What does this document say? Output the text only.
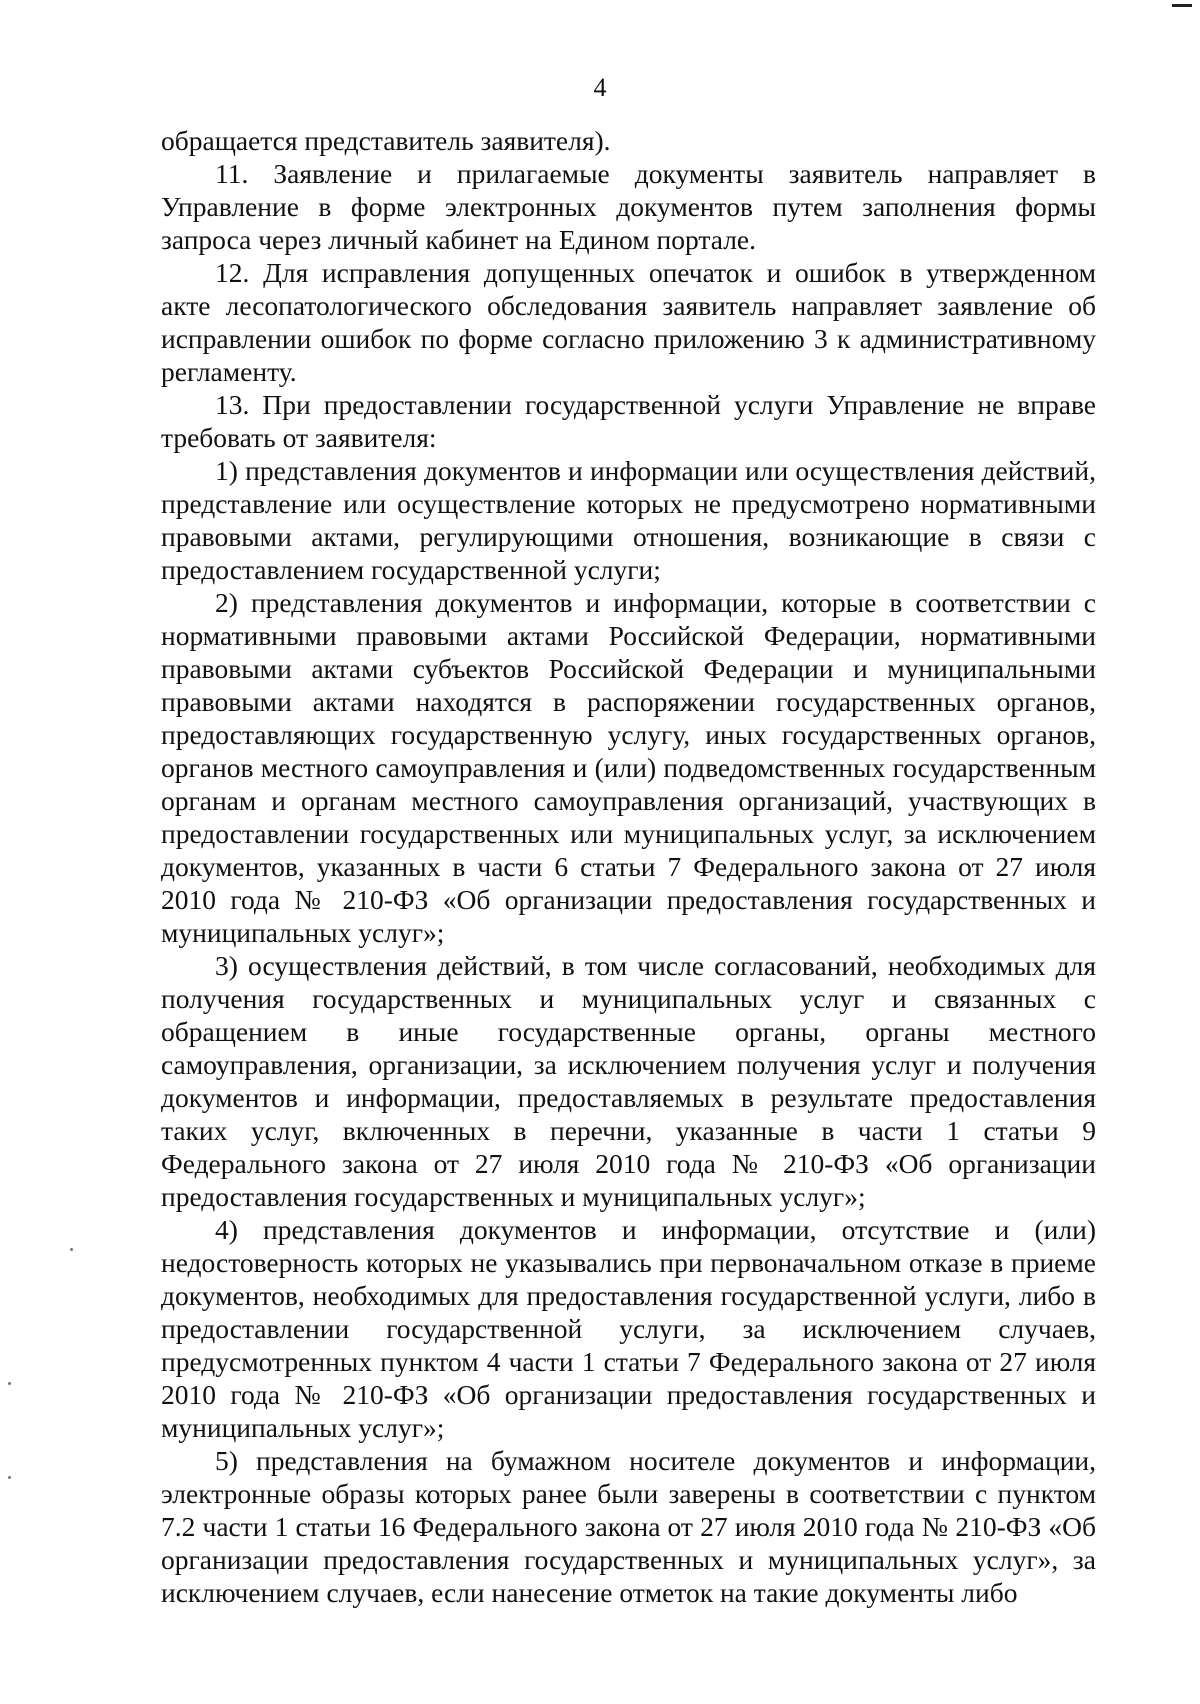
4

обращается представитель заявителя).

11. Заявление и прилагаемые документы заявитель направляет в Управление в форме электронных документов путем заполнения формы запроса через личный кабинет на Едином портале.

12. Для исправления допущенных опечаток и ошибок в утвержденном акте лесопатологического обследования заявитель направляет заявление об исправлении ошибок по форме согласно приложению 3 к административному регламенту.

13. При предоставлении государственной услуги Управление не вправе требовать от заявителя:

1) представления документов и информации или осуществления действий, представление или осуществление которых не предусмотрено нормативными правовыми актами, регулирующими отношения, возникающие в связи с предоставлением государственной услуги;

2) представления документов и информации, которые в соответствии с нормативными правовыми актами Российской Федерации, нормативными правовыми актами субъектов Российской Федерации и муниципальными правовыми актами находятся в распоряжении государственных органов, предоставляющих государственную услугу, иных государственных органов, органов местного самоуправления и (или) подведомственных государственным органам и органам местного самоуправления организаций, участвующих в предоставлении государственных или муниципальных услуг, за исключением документов, указанных в части 6 статьи 7 Федерального закона от 27 июля 2010 года № 210-ФЗ «Об организации предоставления государственных и муниципальных услуг»;

3) осуществления действий, в том числе согласований, необходимых для получения государственных и муниципальных услуг и связанных с обращением в иные государственные органы, органы местного самоуправления, организации, за исключением получения услуг и получения документов и информации, предоставляемых в результате предоставления таких услуг, включенных в перечни, указанные в части 1 статьи 9 Федерального закона от 27 июля 2010 года № 210-ФЗ «Об организации предоставления государственных и муниципальных услуг»;

4) представления документов и информации, отсутствие и (или) недостоверность которых не указывались при первоначальном отказе в приеме документов, необходимых для предоставления государственной услуги, либо в предоставлении государственной услуги, за исключением случаев, предусмотренных пунктом 4 части 1 статьи 7 Федерального закона от 27 июля 2010 года № 210-ФЗ «Об организации предоставления государственных и муниципальных услуг»;

5) представления на бумажном носителе документов и информации, электронные образы которых ранее были заверены в соответствии с пунктом 7.2 части 1 статьи 16 Федерального закона от 27 июля 2010 года № 210-ФЗ «Об организации предоставления государственных и муниципальных услуг», за исключением случаев, если нанесение отметок на такие документы либо
